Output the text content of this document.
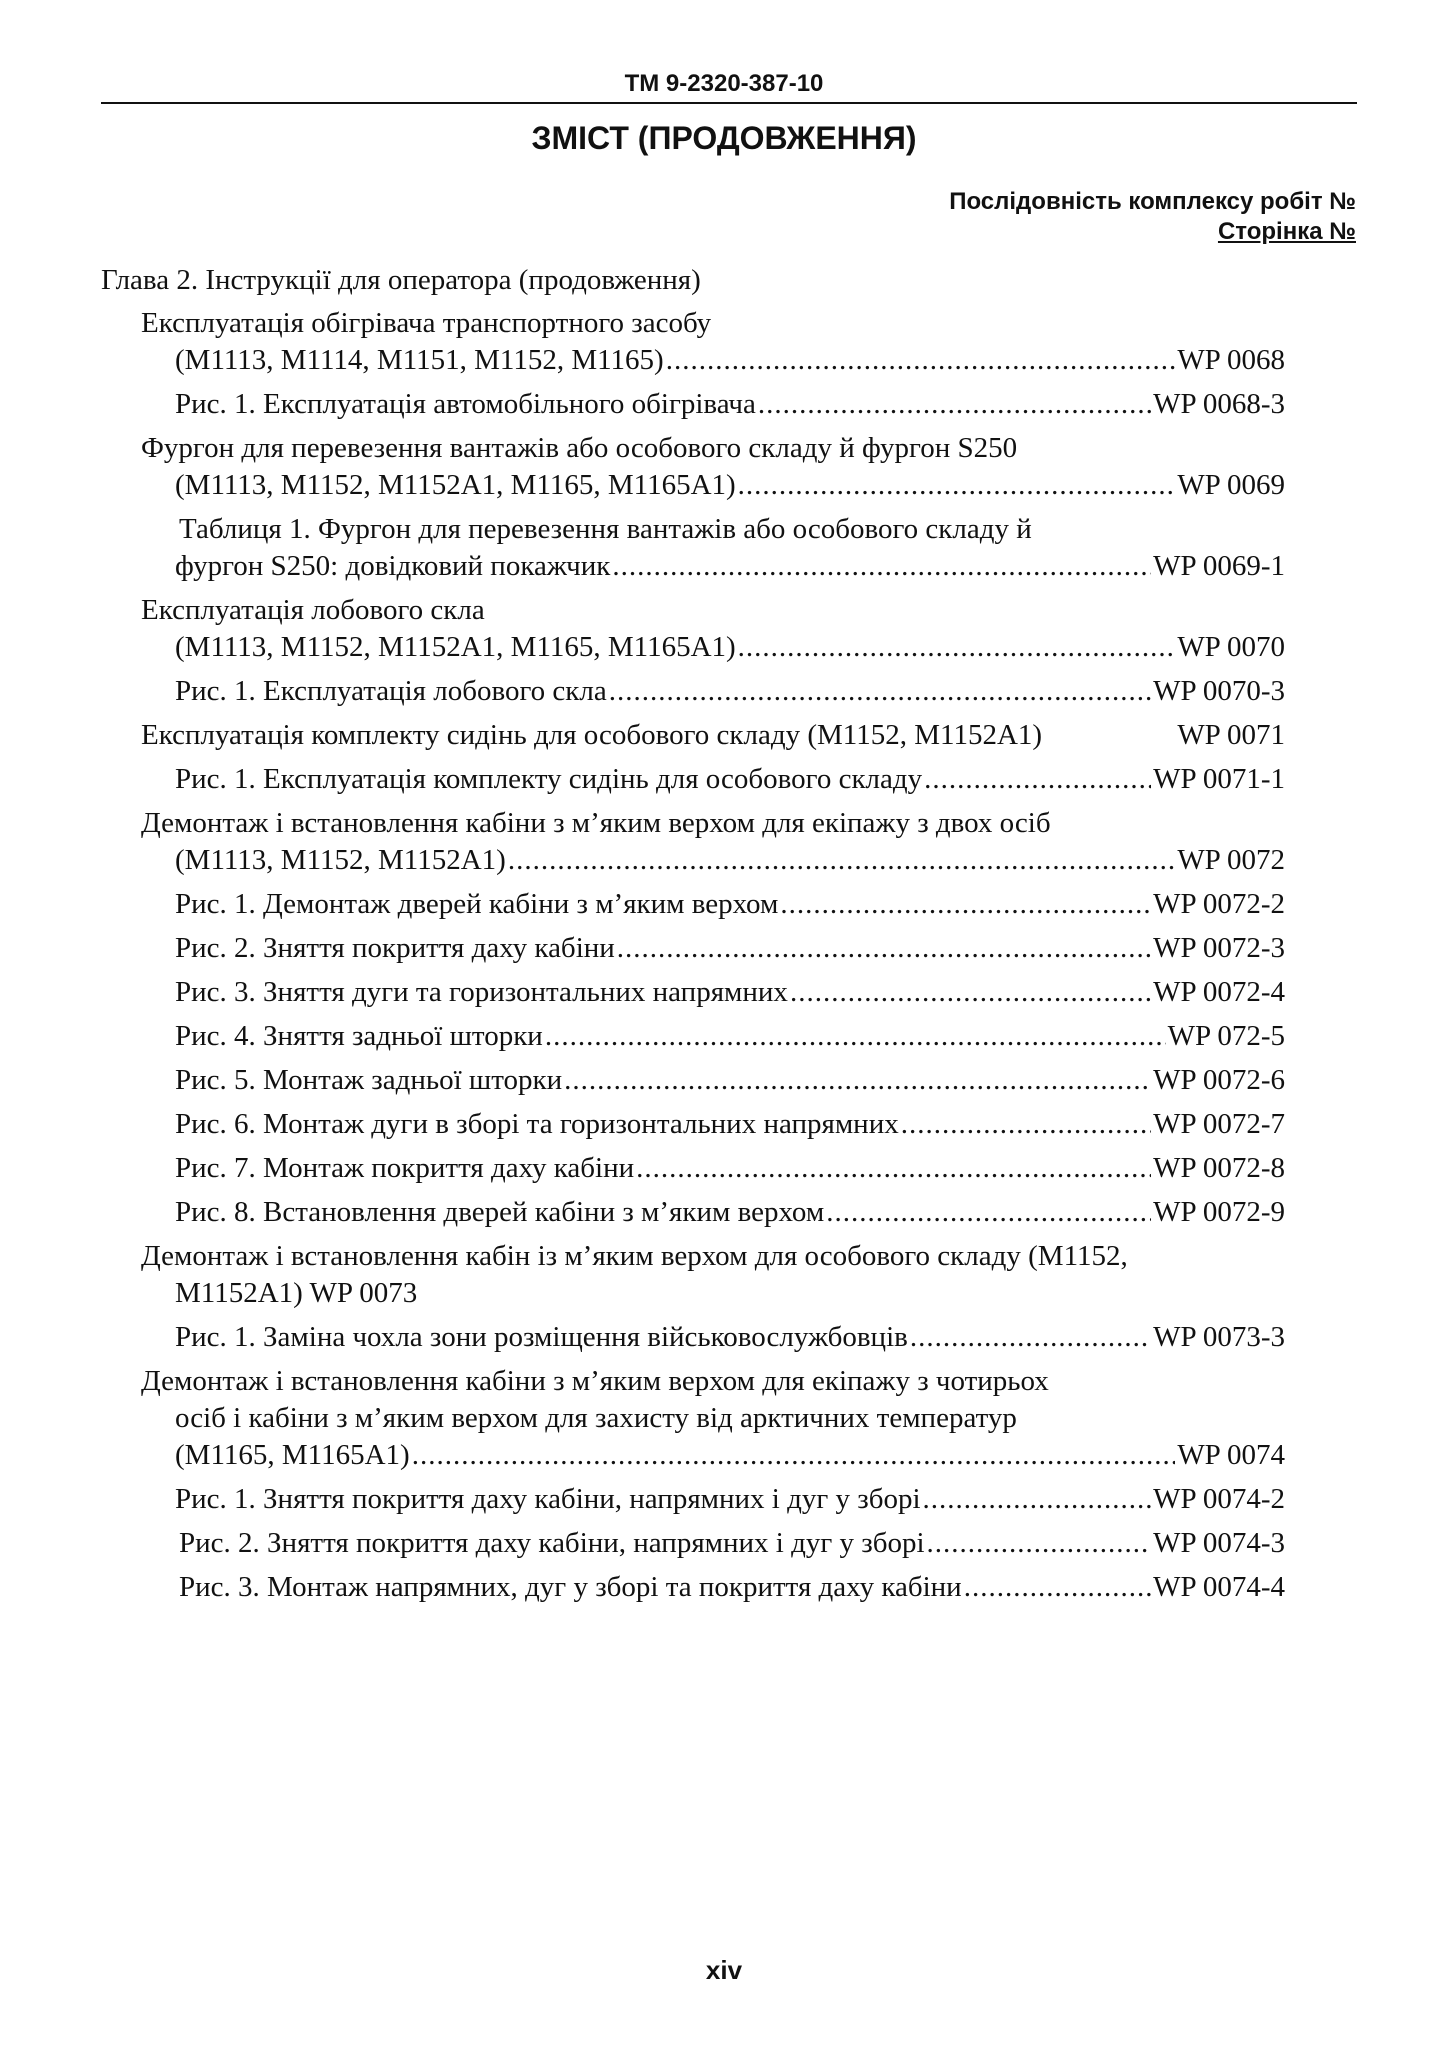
TM 9-2320-387-10
ЗМІСТ (ПРОДОВЖЕННЯ)
Послідовність комплексу робіт №
Сторінка №
Глава 2. Інструкції для оператора (продовження)
Експлуатація обігрівача транспортного засобу
(M1113, M1114, M1151, M1152, M1165) .....	WP 0068
Рис. 1. Експлуатація автомобільного обігрівача .....	WP 0068-3
Фургон для перевезення вантажів або особового складу й фургон S250
(M1113, M1152, M1152A1, M1165, M1165A1) .....	WP 0069
Таблиця 1. Фургон для перевезення вантажів або особового складу й
фургон S250: довідковий покажчик .....	WP 0069-1
Експлуатація лобового скла
(M1113, M1152, M1152A1, M1165, M1165A1) .....	WP 0070
Рис. 1. Експлуатація лобового скла .....	WP 0070-3
Експлуатація комплекту сидінь для особового складу (M1152, M1152A1)	WP 0071
Рис. 1. Експлуатація комплекту сидінь для особового складу .....	WP 0071-1
Демонтаж і встановлення кабіни з м’яким верхом для екіпажу з двох осіб
(M1113, M1152, M1152A1) .....	WP 0072
Рис. 1. Демонтаж дверей кабіни з м’яким верхом .....	WP 0072-2
Рис. 2. Зняття покриття даху кабіни .....	WP 0072-3
Рис. 3. Зняття дуги та горизонтальних напрямних .....	WP 0072-4
Рис. 4. Зняття задньої шторки .....	WP 072-5
Рис. 5. Монтаж задньої шторки .....	WP 0072-6
Рис. 6. Монтаж дуги в зборі та горизонтальних напрямних .....	WP 0072-7
Рис. 7. Монтаж покриття даху кабіни .....	WP 0072-8
Рис. 8. Встановлення дверей кабіни з м’яким верхом .....	WP 0072-9
Демонтаж і встановлення кабін із м’яким верхом для особового складу (M1152,
M1152A1) WP 0073
Рис. 1. Заміна чохла зони розміщення військовослужбовців .....	WP 0073-3
Демонтаж і встановлення кабіни з м’яким верхом для екіпажу з чотирьох
осіб і кабіни з м’яким верхом для захисту від арктичних температур
(M1165, M1165A1) .....	WP 0074
Рис. 1. Зняття покриття даху кабіни, напрямних і дуг у зборі .....	WP 0074-2
Рис. 2. Зняття покриття даху кабіни, напрямних і дуг у зборі .....	WP 0074-3
Рис. 3. Монтаж напрямних, дуг у зборі та покриття даху кабіни .....	WP 0074-4
xiv
